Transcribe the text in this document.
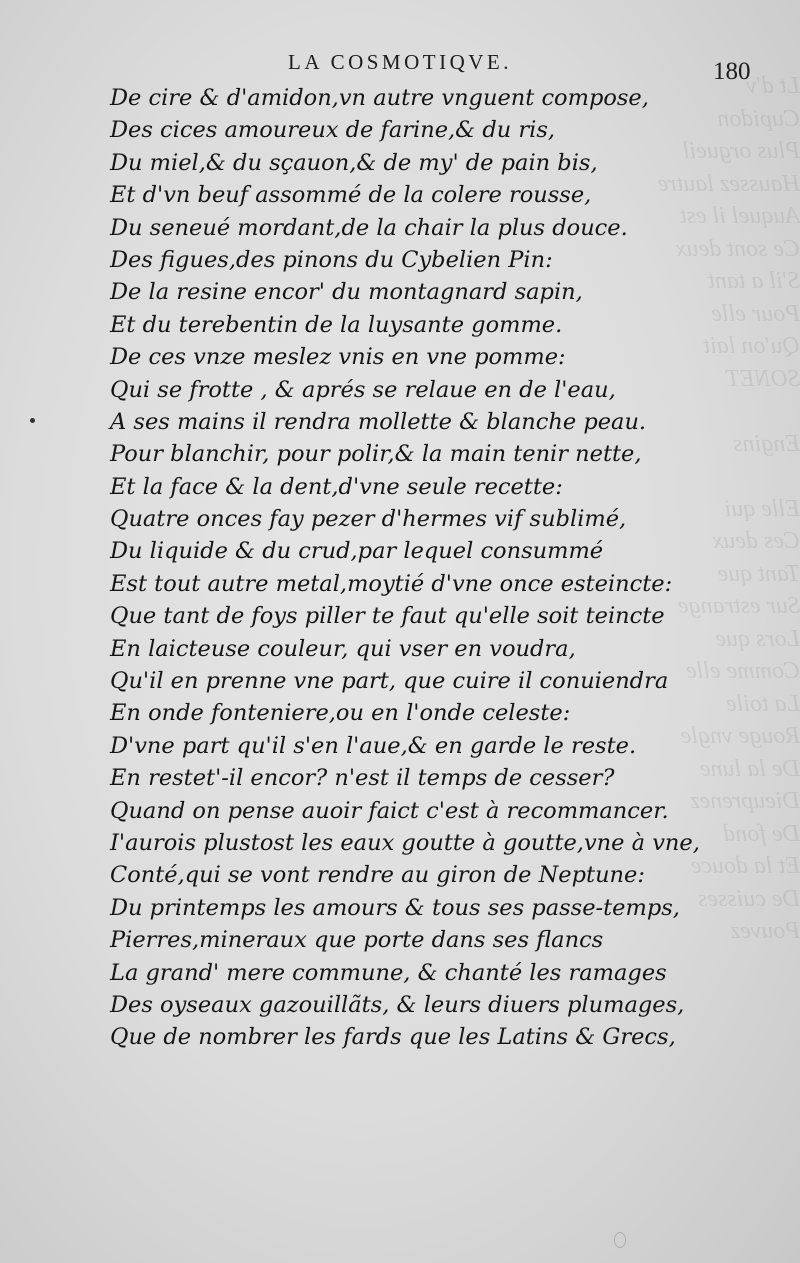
Lt d'v
Cupidon
Plus orgueil
Haussez lautre
Auquel il est
Ce sont deux
S'il a tant
Pour elle
Qu'on lait
SONET
Engins
Elle qui
Ces deux
Tant que
Sur estrange
Lors que
Comme elle
La toile
Rouge vngle
De la lune
Dieuprenez
De fond
Et la douce
De cuisses
Pouvez
LA COSMOTIQVE.	180
De cire & d'amidon,vn autre vnguent compose,
Des cices amoureux de farine,& du ris,
Du miel,& du sçauon,& de my' de pain bis,
Et d'vn beuf assommé de la colere rousse,
Du seneué mordant,de la chair la plus douce.
Des figues,des pinons du Cybelien Pin:
De la resine encor' du montagnard sapin,
Et du terebentin de la luysante gomme.
De ces vnze meslez vnis en vne pomme:
Qui se frotte , & aprés se relaue en de l'eau,
A ses mains il rendra mollette & blanche peau.
Pour blanchir, pour polir,& la main tenir nette,
Et la face & la dent,d'vne seule recette:
Quatre onces fay pezer d'hermes vif sublimé,
Du liquide & du crud,par lequel consummé
Est tout autre metal,moytié d'vne once esteincte:
Que tant de foys piller te faut qu'elle soit teincte
En laicteuse couleur, qui vser en voudra,
Qu'il en prenne vne part, que cuire il conuiendra
En onde fonteniere,ou en l'onde celeste:
D'vne part qu'il s'en l'aue,& en garde le reste.
En restet'-il encor? n'est il temps de cesser?
Quand on pense auoir faict c'est à recommancer.
I'aurois plustost les eaux goutte à goutte,vne à vne,
Conté,qui se vont rendre au giron de Neptune:
Du printemps les amours & tous ses passe-temps,
Pierres,mineraux que porte dans ses flancs
La grand' mere commune, & chanté les ramages
Des oyseaux gazouillãts, & leurs diuers plumages,
Que de nombrer les fards que les Latins & Grecs,
